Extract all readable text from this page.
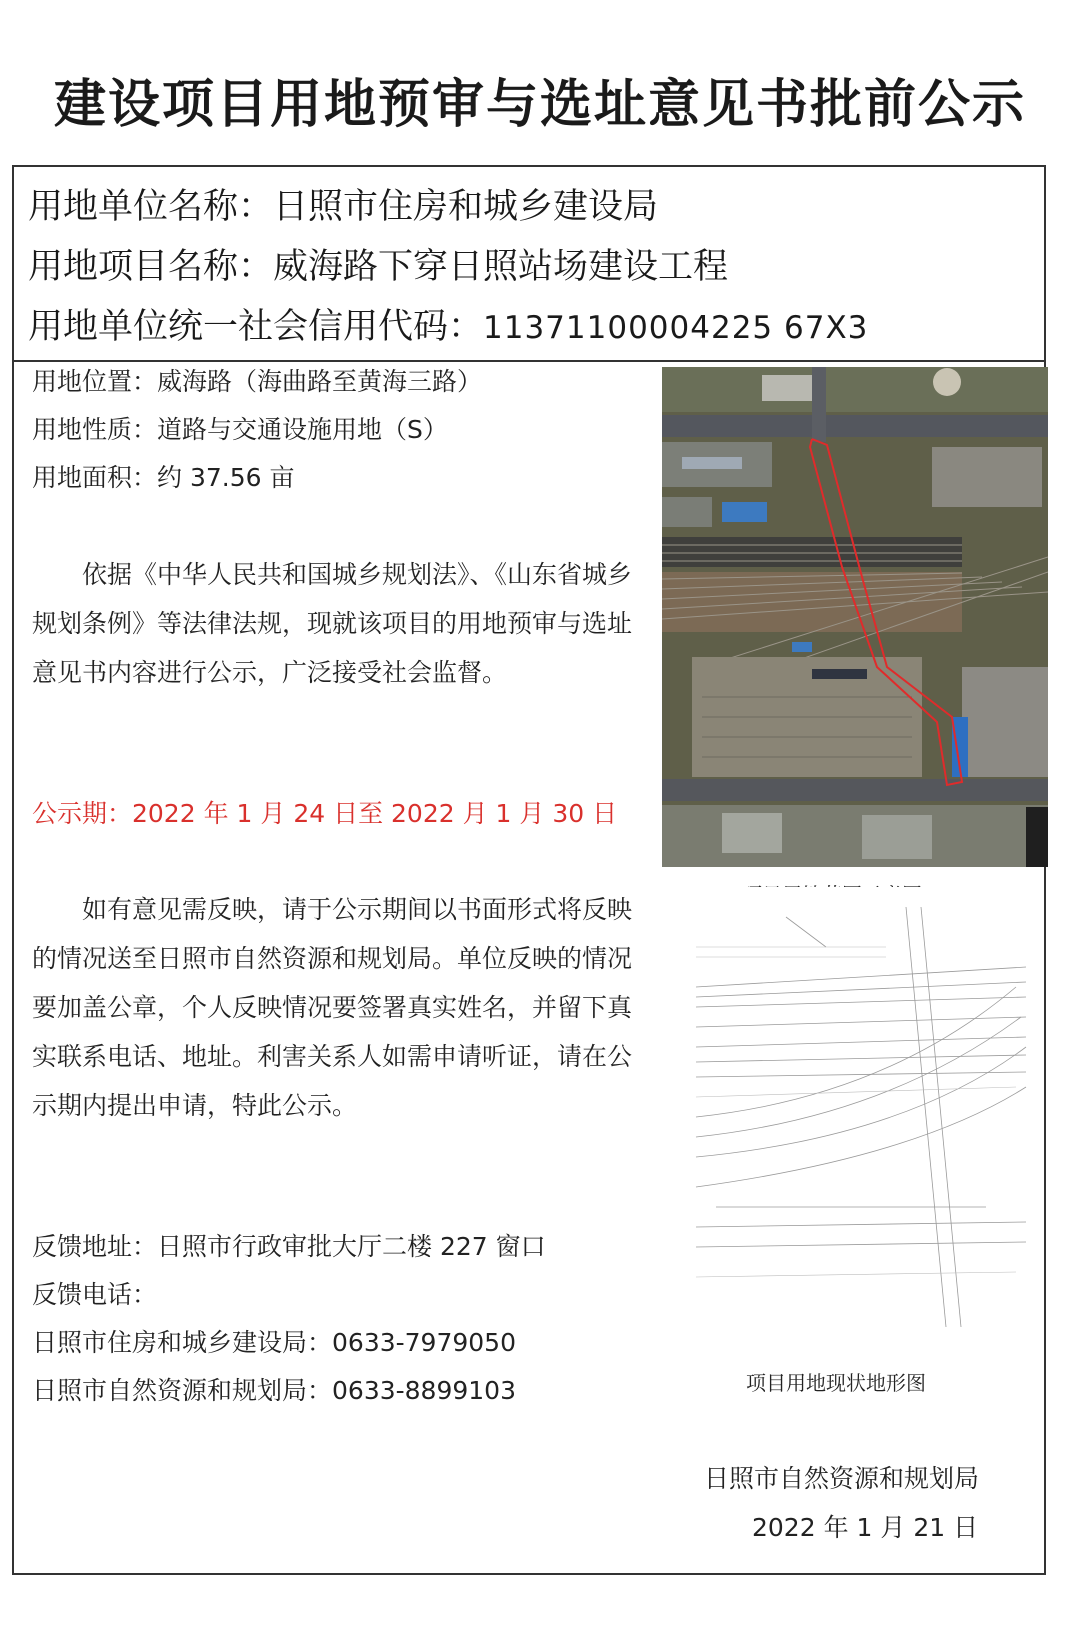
建设项目用地预审与选址意见书批前公示
用地单位名称：日照市住房和城乡建设局
用地项目名称：威海路下穿日照站场建设工程
用地单位统一社会信用代码：11371100004225 67X3
用地位置：威海路（海曲路至黄海三路）
用地性质：道路与交通设施用地（S）
用地面积：约 37.56 亩
依据《中华人民共和国城乡规划法》、《山东省城乡规划条例》等法律法规，现就该项目的用地预审与选址意见书内容进行公示，广泛接受社会监督。
公示期：2022 年 1 月 24 日至 2022 月 1 月 30 日
如有意见需反映，请于公示期间以书面形式将反映的情况送至日照市自然资源和规划局。单位反映的情况要加盖公章，个人反映情况要签署真实姓名，并留下真实联系电话、地址。利害关系人如需申请听证，请在公示期内提出申请，特此公示。
反馈地址：日照市行政审批大厅二楼 227 窗口
反馈电话：
日照市住房和城乡建设局：0633-7979050
日照市自然资源和规划局：0633-8899103	项目用地现状地形图
日照市自然资源和规划局
2022 年 1 月 21 日
